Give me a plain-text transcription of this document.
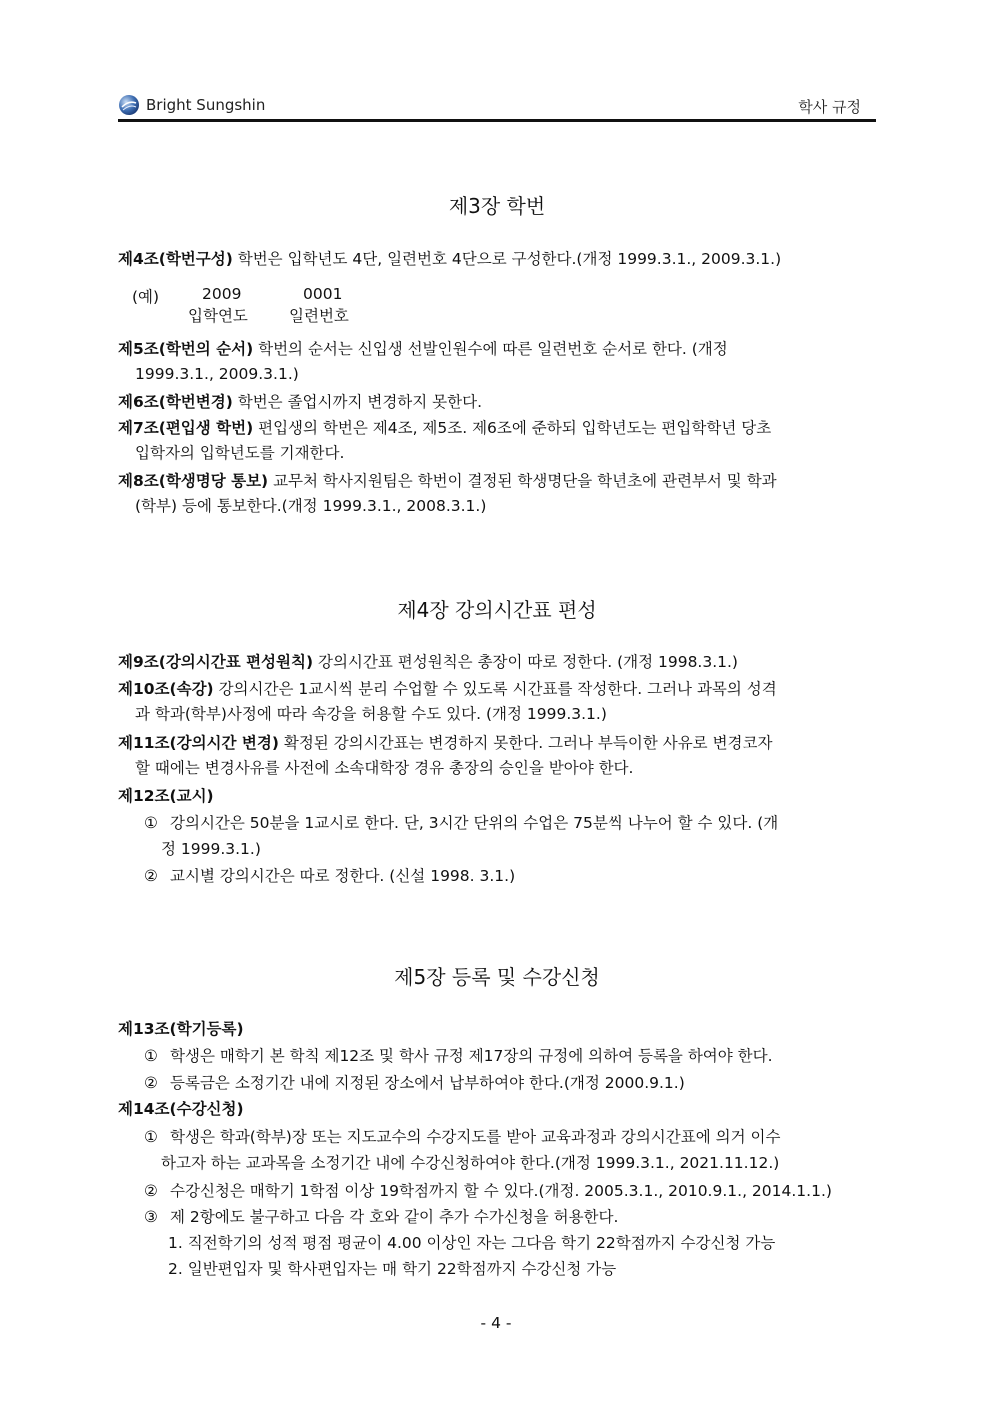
Bright Sungshin	학사 규정
제3장 학번
제4조(학번구성) 학번은 입학년도 4단, 일련번호 4단으로 구성한다.(개정 1999.3.1., 2009.3.1.)
(예)	2009	0001
입학연도	일련번호
제5조(학번의 순서) 학번의 순서는 신입생 선발인원수에 따른 일련번호 순서로 한다. (개정
1999.3.1., 2009.3.1.)
제6조(학번변경) 학번은 졸업시까지 변경하지 못한다.
제7조(편입생 학번) 편입생의 학번은 제4조, 제5조. 제6조에 준하되 입학년도는 편입학학년 당초
입학자의 입학년도를 기재한다.
제8조(학생명당 통보) 교무처 학사지원팀은 학번이 결정된 학생명단을 학년초에 관련부서 및 학과
(학부) 등에 통보한다.(개정 1999.3.1., 2008.3.1.)
제4장 강의시간표 편성
제9조(강의시간표 편성원칙) 강의시간표 편성원칙은 총장이 따로 정한다. (개정 1998.3.1.)
제10조(속강) 강의시간은 1교시씩 분리 수업할 수 있도록 시간표를 작성한다. 그러나 과목의 성격
과 학과(학부)사정에 따라 속강을 허용할 수도 있다. (개정 1999.3.1.)
제11조(강의시간 변경) 확정된 강의시간표는 변경하지 못한다. 그러나 부득이한 사유로 변경코자
할 때에는 변경사유를 사전에 소속대학장 경유 총장의 승인을 받아야 한다.
제12조(교시)
① 강의시간은 50분을 1교시로 한다. 단, 3시간 단위의 수업은 75분씩 나누어 할 수 있다. (개
정 1999.3.1.)
② 교시별 강의시간은 따로 정한다. (신설 1998. 3.1.)
제5장 등록 및 수강신청
제13조(학기등록)
① 학생은 매학기 본 학칙 제12조 및 학사 규정 제17장의 규정에 의하여 등록을 하여야 한다.
② 등록금은 소정기간 내에 지정된 장소에서 납부하여야 한다.(개정 2000.9.1.)
제14조(수강신청)
① 학생은 학과(학부)장 또는 지도교수의 수강지도를 받아 교육과정과 강의시간표에 의거 이수
하고자 하는 교과목을 소정기간 내에 수강신청하여야 한다.(개정 1999.3.1., 2021.11.12.)
② 수강신청은 매학기 1학점 이상 19학점까지 할 수 있다.(개정. 2005.3.1., 2010.9.1., 2014.1.1.)
③ 제 2항에도 불구하고 다음 각 호와 같이 추가 수가신청을 허용한다.
1. 직전학기의 성적 평점 평균이 4.00 이상인 자는 그다음 학기 22학점까지 수강신청 가능
2. 일반편입자 및 학사편입자는 매 학기 22학점까지 수강신청 가능
- 4 -
